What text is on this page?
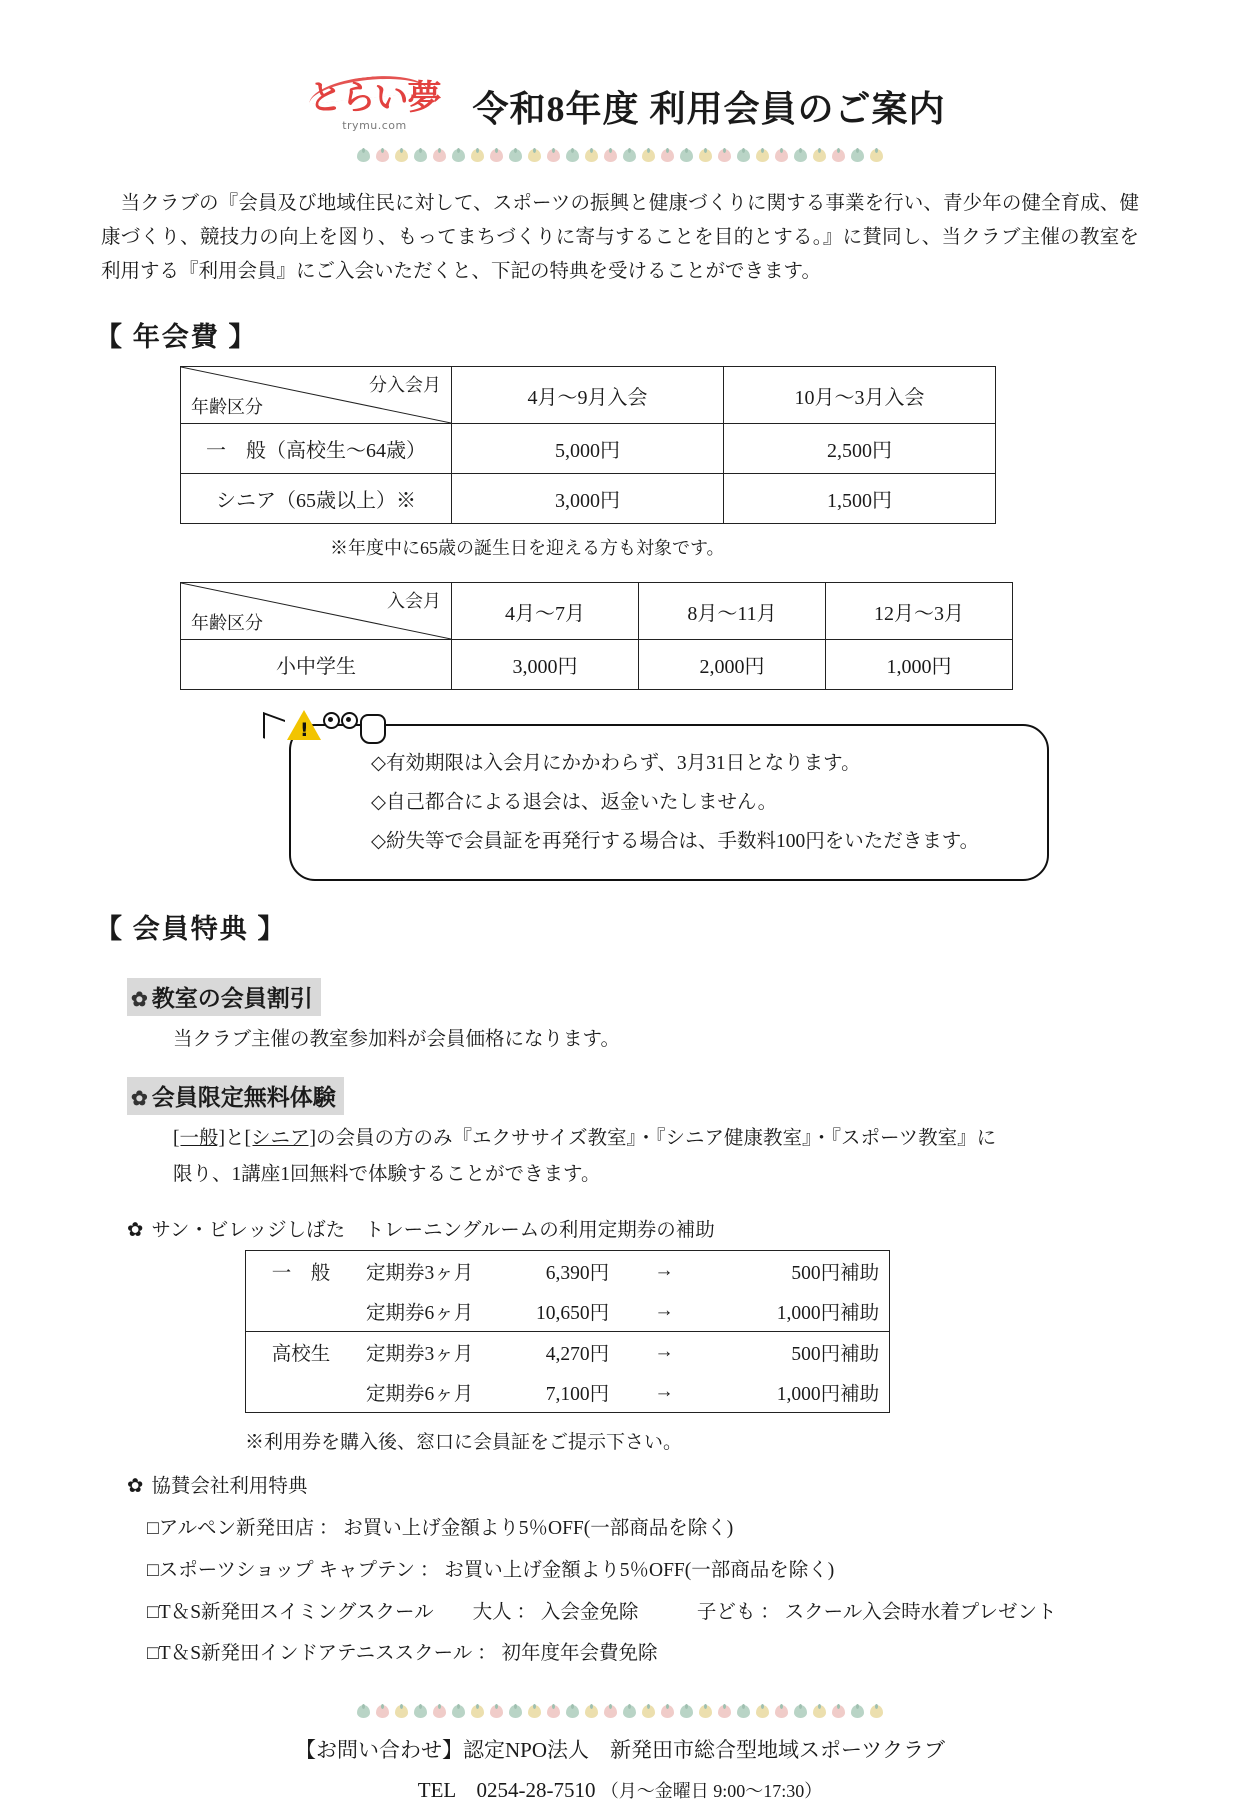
とらい夢
trymu.com 令和8年度 利用会員のご案内

　当クラブの『会員及び地域住民に対して、スポーツの振興と健康づくりに関する事業を行い、青少年の健全育成、健康づくり、競技力の向上を図り、もってまちづくりに寄与することを目的とする。』に賛同し、当クラブ主催の教室を利用する『利用会員』にご入会いただくと、下記の特典を受けることができます。

【 年会費 】
分入会月
年齢区分	4月～9月入会	10月～3月入会
一　般（高校生～64歳）	5,000円	2,500円
シニア（65歳以上）※	3,000円	1,500円
※年度中に65歳の誕生日を迎える方も対象です。
入会月
年齢区分	4月～7月	8月～11月	12月～3月
小中学生	3,000円	2,000円	1,000円
!
◇有効期限は入会月にかかわらず、3月31日となります。
◇自己都合による退会は、返金いたしません。
◇紛失等で会員証を再発行する場合は、手数料100円をいただきます。
【 会員特典 】
✿ 教室の会員割引
当クラブ主催の教室参加料が会員価格になります。
✿ 会員限定無料体験
[一般]と[シニア]の会員の方のみ『エクササイズ教室』・『シニア健康教室』・『スポーツ教室』に
限り、1講座1回無料で体験することができます。
✿ サン・ビレッジしばた　トレーニングルームの利用定期券の補助
一　般	定期券3ヶ月	6,390円	→	500円補助
	定期券6ヶ月	10,650円	→	1,000円補助
高校生	定期券3ヶ月	4,270円	→	500円補助
	定期券6ヶ月	7,100円	→	1,000円補助
※利用券を購入後、窓口に会員証をご提示下さい。
✿ 協賛会社利用特典
□アルペン新発田店 ： お買い上げ金額より5％OFF(一部商品を除く)
□スポーツショップ キャプテン ： お買い上げ金額より5％OFF(一部商品を除く)
□T＆S新発田スイミングスクール　　大人 ： 入会金免除　　　子ども ： スクール入会時水着プレゼント
□T＆S新発田インドアテニススクール ： 初年度年会費免除
【お問い合わせ】認定NPO法人　新発田市総合型地域スポーツクラブ
TEL　0254-28-7510 （月～金曜日 9:00～17:30）
